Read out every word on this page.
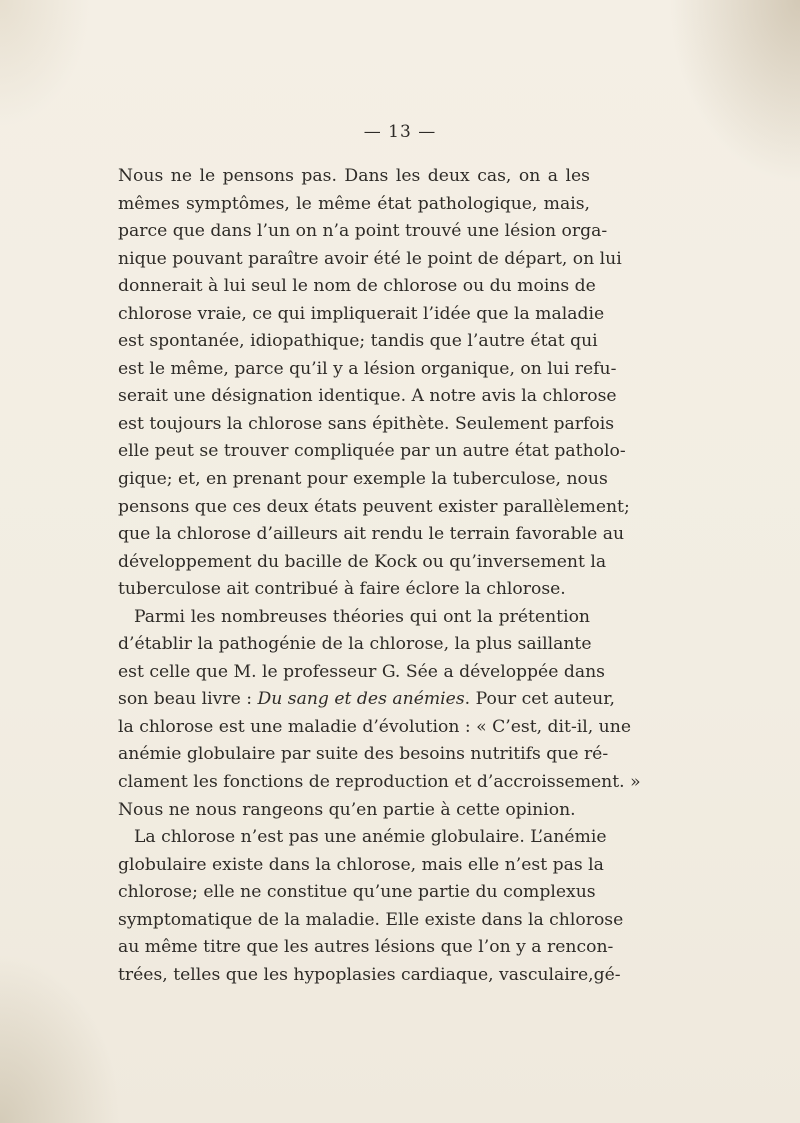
— 13 —
Nous ne le pensons pas. Dans les deux cas, on a les
mêmes symptômes, le même état pathologique, mais,
parce que dans l’un on n’a point trouvé une lésion orga-
nique pouvant paraître avoir été le point de départ, on lui
donnerait à lui seul le nom de chlorose ou du moins de
chlorose vraie, ce qui impliquerait l’idée que la maladie
est spontanée, idiopathique; tandis que l’autre état qui
est le même, parce qu’il y a lésion organique, on lui refu-
serait une désignation identique. A notre avis la chlorose
est toujours la chlorose sans épithète. Seulement parfois
elle peut se trouver compliquée par un autre état patholo-
gique; et, en prenant pour exemple la tuberculose, nous
pensons que ces deux états peuvent exister parallèlement;
que la chlorose d’ailleurs ait rendu le terrain favorable au
développement du bacille de Kock ou qu’inversement la
tuberculose ait contribué à faire éclore la chlorose.
Parmi les nombreuses théories qui ont la prétention
d’établir la pathogénie de la chlorose, la plus saillante
est celle que M. le professeur G. Sée a développée dans
son beau livre : Du sang et des anémies. Pour cet auteur,
la chlorose est une maladie d’évolution : « C’est, dit-il, une
anémie globulaire par suite des besoins nutritifs que ré-
clament les fonctions de reproduction et d’accroissement. »
Nous ne nous rangeons qu’en partie à cette opinion.
La chlorose n’est pas une anémie globulaire. L’anémie
globulaire existe dans la chlorose, mais elle n’est pas la
chlorose; elle ne constitue qu’une partie du complexus
symptomatique de la maladie. Elle existe dans la chlorose
au même titre que les autres lésions que l’on y a rencon-
trées, telles que les hypoplasies cardiaque, vasculaire,gé-
